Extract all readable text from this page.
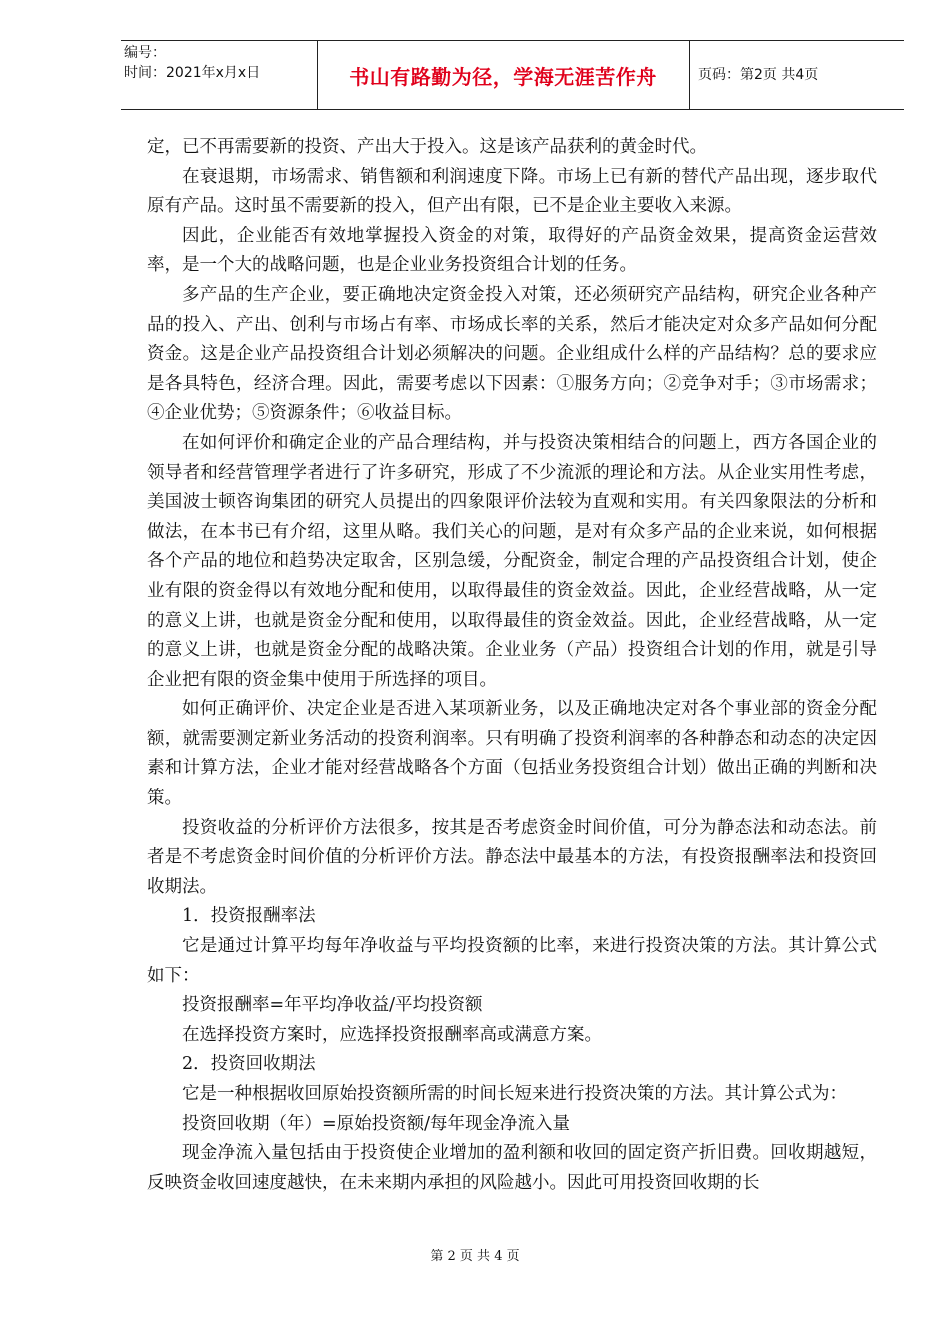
编号：
时间：2021年x月x日	书山有路勤为径，学海无涯苦作舟	页码：第2页 共4页

定，已不再需要新的投资、产出大于投入。这是该产品获利的黄金时代。

在衰退期，市场需求、销售额和利润速度下降。市场上已有新的替代产品出现，逐步取代原有产品。这时虽不需要新的投入，但产出有限，已不是企业主要收入来源。

因此，企业能否有效地掌握投入资金的对策，取得好的产品资金效果，提高资金运营效率，是一个大的战略问题，也是企业业务投资组合计划的任务。

多产品的生产企业，要正确地决定资金投入对策，还必须研究产品结构，研究企业各种产品的投入、产出、创利与市场占有率、市场成长率的关系，然后才能决定对众多产品如何分配资金。这是企业产品投资组合计划必须解决的问题。企业组成什么样的产品结构？总的要求应是各具特色，经济合理。因此，需要考虑以下因素：①服务方向；②竞争对手；③市场需求；④企业优势；⑤资源条件；⑥收益目标。

在如何评价和确定企业的产品合理结构，并与投资决策相结合的问题上，西方各国企业的领导者和经营管理学者进行了许多研究，形成了不少流派的理论和方法。从企业实用性考虑，美国波士顿咨询集团的研究人员提出的四象限评价法较为直观和实用。有关四象限法的分析和做法，在本书已有介绍，这里从略。我们关心的问题，是对有众多产品的企业来说，如何根据各个产品的地位和趋势决定取舍，区别急缓，分配资金，制定合理的产品投资组合计划，使企业有限的资金得以有效地分配和使用，以取得最佳的资金效益。因此，企业经营战略，从一定的意义上讲，也就是资金分配和使用，以取得最佳的资金效益。因此，企业经营战略，从一定的意义上讲，也就是资金分配的战略决策。企业业务（产品）投资组合计划的作用，就是引导企业把有限的资金集中使用于所选择的项目。

如何正确评价、决定企业是否进入某项新业务，以及正确地决定对各个事业部的资金分配额，就需要测定新业务活动的投资利润率。只有明确了投资利润率的各种静态和动态的决定因素和计算方法，企业才能对经营战略各个方面（包括业务投资组合计划）做出正确的判断和决策。

投资收益的分析评价方法很多，按其是否考虑资金时间价值，可分为静态法和动态法。前者是不考虑资金时间价值的分析评价方法。静态法中最基本的方法，有投资报酬率法和投资回收期法。

1．投资报酬率法

它是通过计算平均每年净收益与平均投资额的比率，来进行投资决策的方法。其计算公式如下：

投资报酬率=年平均净收益/平均投资额

在选择投资方案时，应选择投资报酬率高或满意方案。

2．投资回收期法

它是一种根据收回原始投资额所需的时间长短来进行投资决策的方法。其计算公式为：

投资回收期（年）=原始投资额/每年现金净流入量

现金净流入量包括由于投资使企业增加的盈利额和收回的固定资产折旧费。回收期越短，反映资金收回速度越快，在未来期内承担的风险越小。因此可用投资回收期的长

第 2 页 共 4 页
